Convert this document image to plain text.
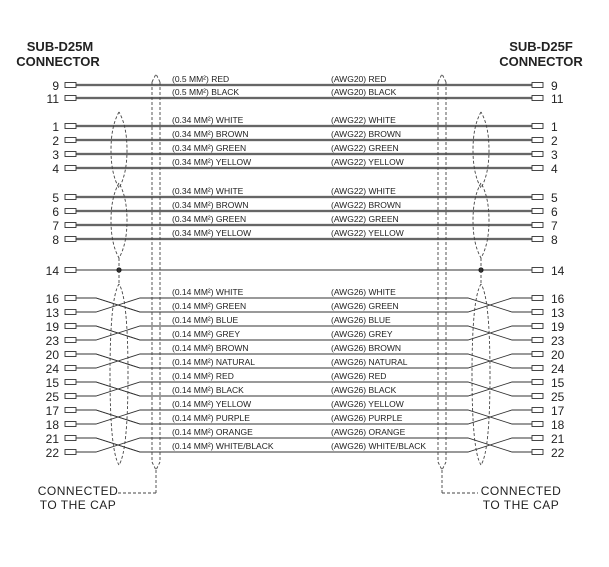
SUB-D25M
CONNECTOR
SUB-D25F
CONNECTOR
9	9
(0.5 MM²) RED	(AWG20) RED
11	11
(0.5 MM²) BLACK	(AWG20) BLACK
1	1
(0.34 MM²) WHITE	(AWG22) WHITE
2	2
(0.34 MM²) BROWN	(AWG22) BROWN
3	3
(0.34 MM²) GREEN	(AWG22) GREEN
4	4
(0.34 MM²) YELLOW	(AWG22) YELLOW
5	5
(0.34 MM²) WHITE	(AWG22) WHITE
6	6
(0.34 MM²) BROWN	(AWG22) BROWN
7	7
(0.34 MM²) GREEN	(AWG22) GREEN
8	8
(0.34 MM²) YELLOW	(AWG22) YELLOW
14	14
16	16
(0.14 MM²) WHITE	(AWG26) WHITE
13	13
(0.14 MM²) GREEN	(AWG26) GREEN
19	19
(0.14 MM²) BLUE	(AWG26) BLUE
23	23
(0.14 MM²) GREY	(AWG26) GREY
20	20
(0.14 MM²) BROWN	(AWG26) BROWN
24	24
(0.14 MM²) NATURAL	(AWG26) NATURAL
15	15
(0.14 MM²) RED	(AWG26) RED
25	25
(0.14 MM²) BLACK	(AWG26) BLACK
17	17
(0.14 MM²) YELLOW	(AWG26) YELLOW
18	18
(0.14 MM²) PURPLE	(AWG26) PURPLE
21	21
(0.14 MM²) ORANGE	(AWG26) ORANGE
22	22
(0.14 MM²) WHITE/BLACK	(AWG26) WHITE/BLACK
CONNECTED
TO THE CAP
CONNECTED
TO THE CAP
